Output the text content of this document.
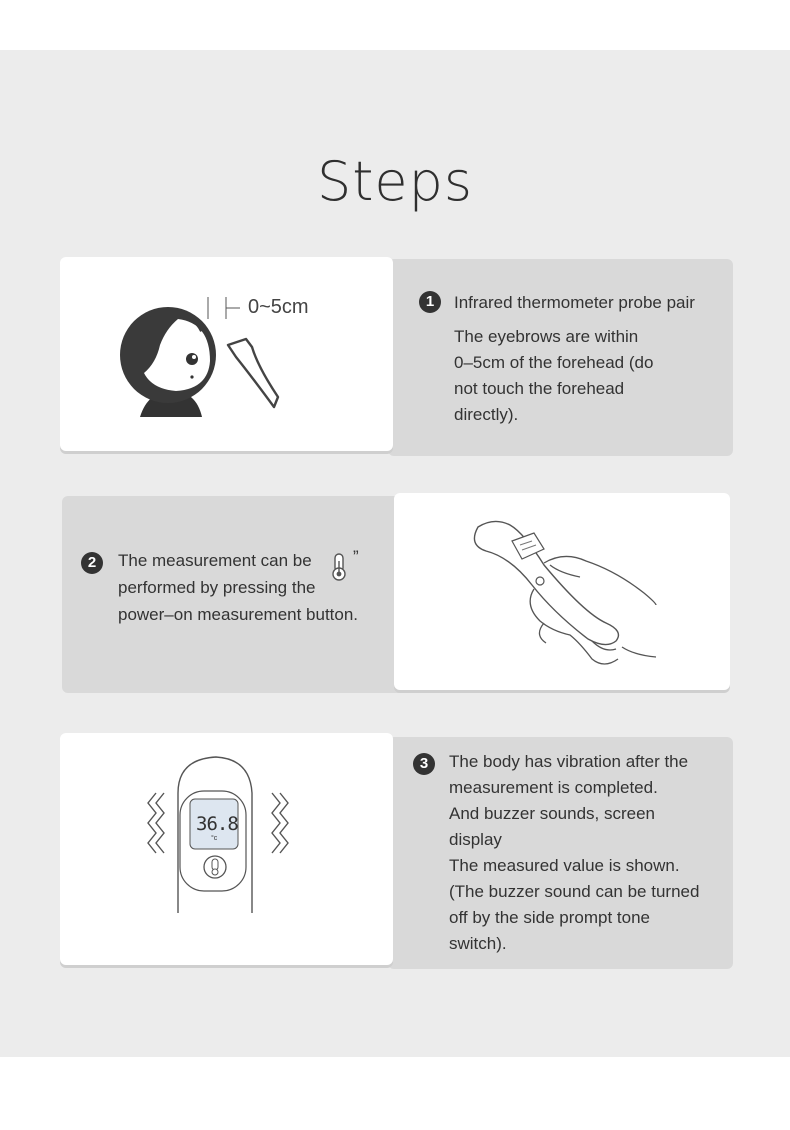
Steps
0~5cm	1	Infrared thermometer probe pair
The eyebrows are within
0–5cm of the forehead (do
not touch the forehead
directly).
2	The measurement can be ”
performed by pressing the
power–on measurement button.
36.8
°c
3	The body has vibration after the
measurement is completed.
And buzzer sounds, screen
display
The measured value is shown.
(The buzzer sound can be turned
off by the side prompt tone
switch).
